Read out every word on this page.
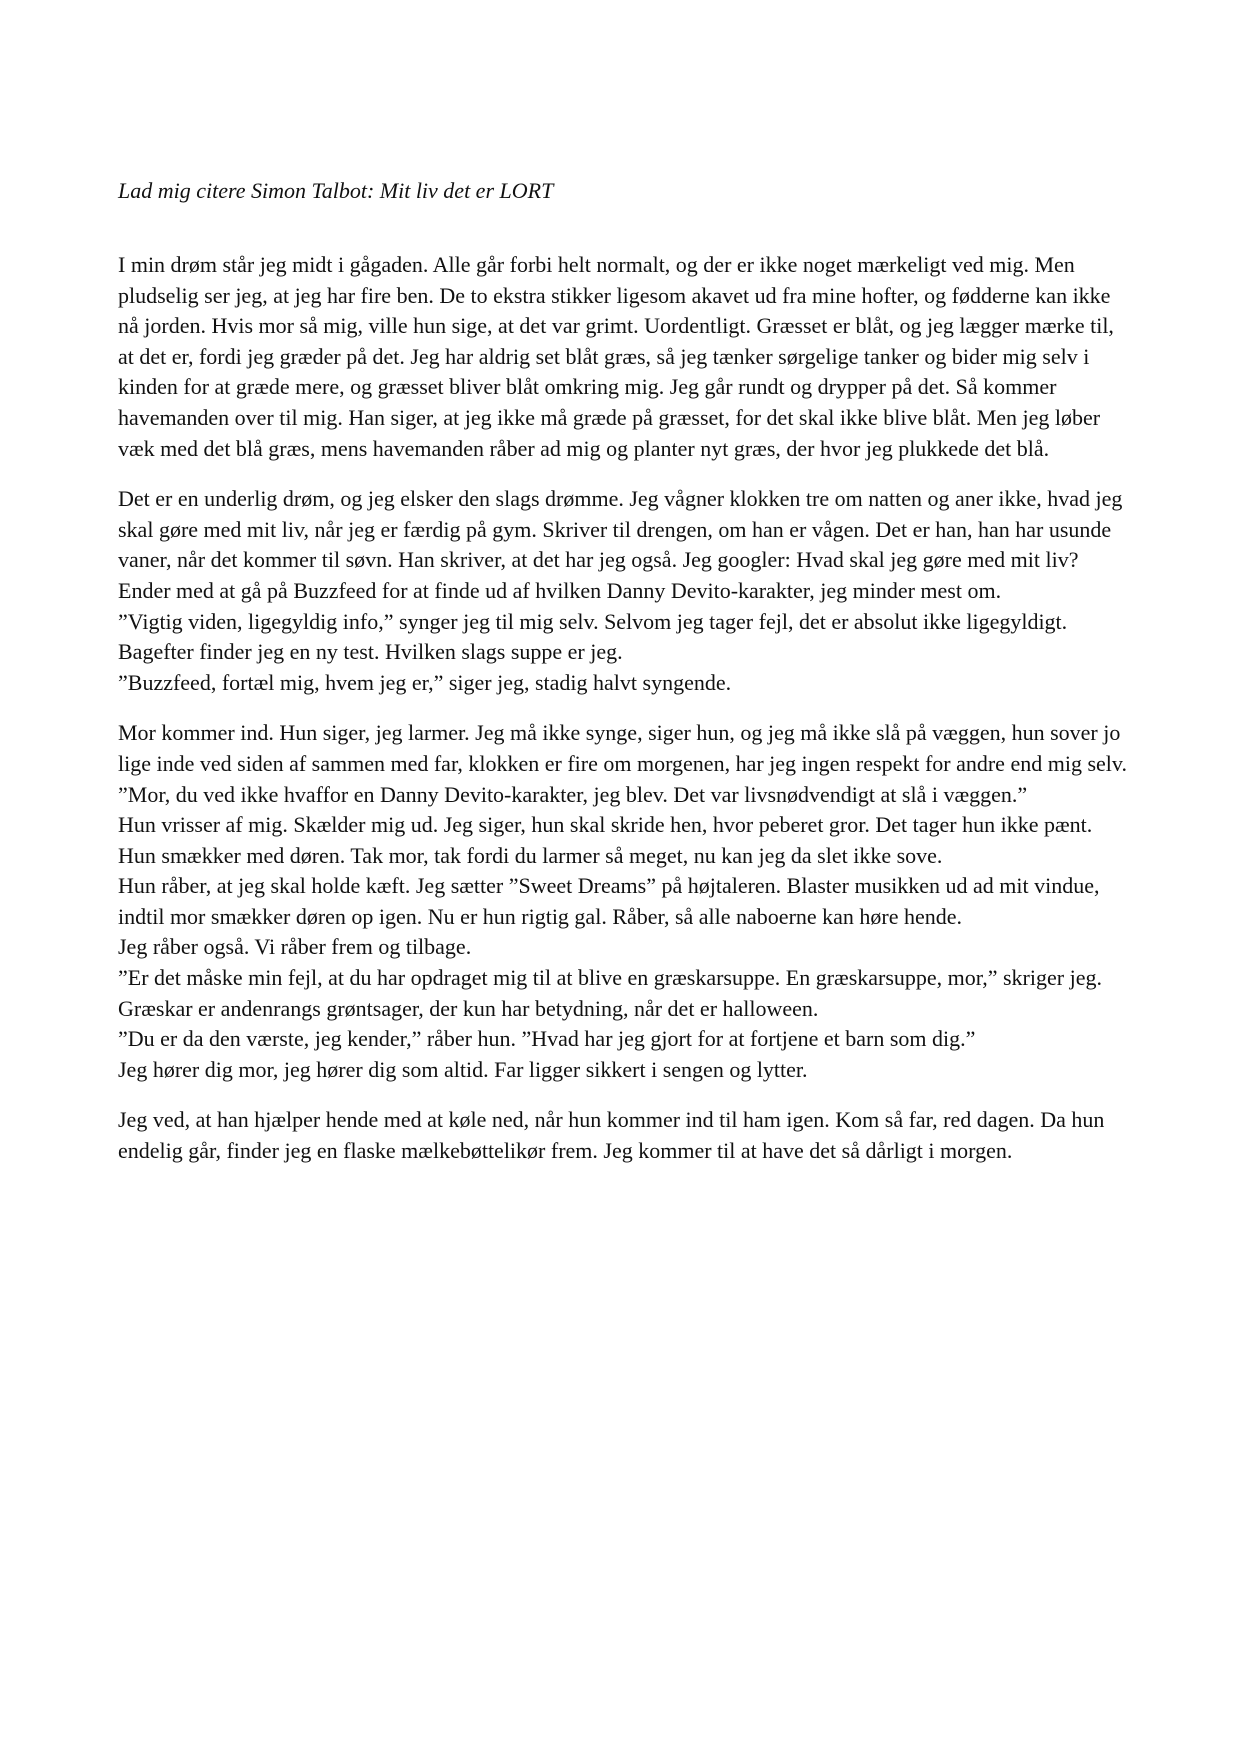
Lad mig citere Simon Talbot: Mit liv det er LORT

I min drøm står jeg midt i gågaden. Alle går forbi helt normalt, og der er ikke noget mærkeligt ved mig. Men pludselig ser jeg, at jeg har fire ben. De to ekstra stikker ligesom akavet ud fra mine hofter, og fødderne kan ikke nå jorden. Hvis mor så mig, ville hun sige, at det var grimt. Uordentligt. Græsset er blåt, og jeg lægger mærke til, at det er, fordi jeg græder på det. Jeg har aldrig set blåt græs, så jeg tænker sørgelige tanker og bider mig selv i kinden for at græde mere, og græsset bliver blåt omkring mig. Jeg går rundt og drypper på det. Så kommer havemanden over til mig. Han siger, at jeg ikke må græde på græsset, for det skal ikke blive blåt. Men jeg løber væk med det blå græs, mens havemanden råber ad mig og planter nyt græs, der hvor jeg plukkede det blå.

Det er en underlig drøm, og jeg elsker den slags drømme. Jeg vågner klokken tre om natten og aner ikke, hvad jeg skal gøre med mit liv, når jeg er færdig på gym. Skriver til drengen, om han er vågen. Det er han, han har usunde vaner, når det kommer til søvn. Han skriver, at det har jeg også. Jeg googler: Hvad skal jeg gøre med mit liv? Ender med at gå på Buzzfeed for at finde ud af hvilken Danny Devito-karakter, jeg minder mest om.

”Vigtig viden, ligegyldig info,” synger jeg til mig selv. Selvom jeg tager fejl, det er absolut ikke ligegyldigt.

Bagefter finder jeg en ny test. Hvilken slags suppe er jeg.

”Buzzfeed, fortæl mig, hvem jeg er,” siger jeg, stadig halvt syngende.

Mor kommer ind. Hun siger, jeg larmer. Jeg må ikke synge, siger hun, og jeg må ikke slå på væggen, hun sover jo lige inde ved siden af sammen med far, klokken er fire om morgenen, har jeg ingen respekt for andre end mig selv.

”Mor, du ved ikke hvaffor en Danny Devito-karakter, jeg blev. Det var livsnødvendigt at slå i væggen.”

Hun vrisser af mig. Skælder mig ud. Jeg siger, hun skal skride hen, hvor peberet gror. Det tager hun ikke pænt. Hun smækker med døren. Tak mor, tak fordi du larmer så meget, nu kan jeg da slet ikke sove.

Hun råber, at jeg skal holde kæft. Jeg sætter ”Sweet Dreams” på højtaleren. Blaster musikken ud ad mit vindue, indtil mor smækker døren op igen. Nu er hun rigtig gal. Råber, så alle naboerne kan høre hende.

Jeg råber også. Vi råber frem og tilbage.

”Er det måske min fejl, at du har opdraget mig til at blive en græskarsuppe. En græskarsuppe, mor,” skriger jeg. Græskar er andenrangs grøntsager, der kun har betydning, når det er halloween.

”Du er da den værste, jeg kender,” råber hun. ”Hvad har jeg gjort for at fortjene et barn som dig.”

Jeg hører dig mor, jeg hører dig som altid. Far ligger sikkert i sengen og lytter.

Jeg ved, at han hjælper hende med at køle ned, når hun kommer ind til ham igen. Kom så far, red dagen. Da hun endelig går, finder jeg en flaske mælkebøttelikør frem. Jeg kommer til at have det så dårligt i morgen.
